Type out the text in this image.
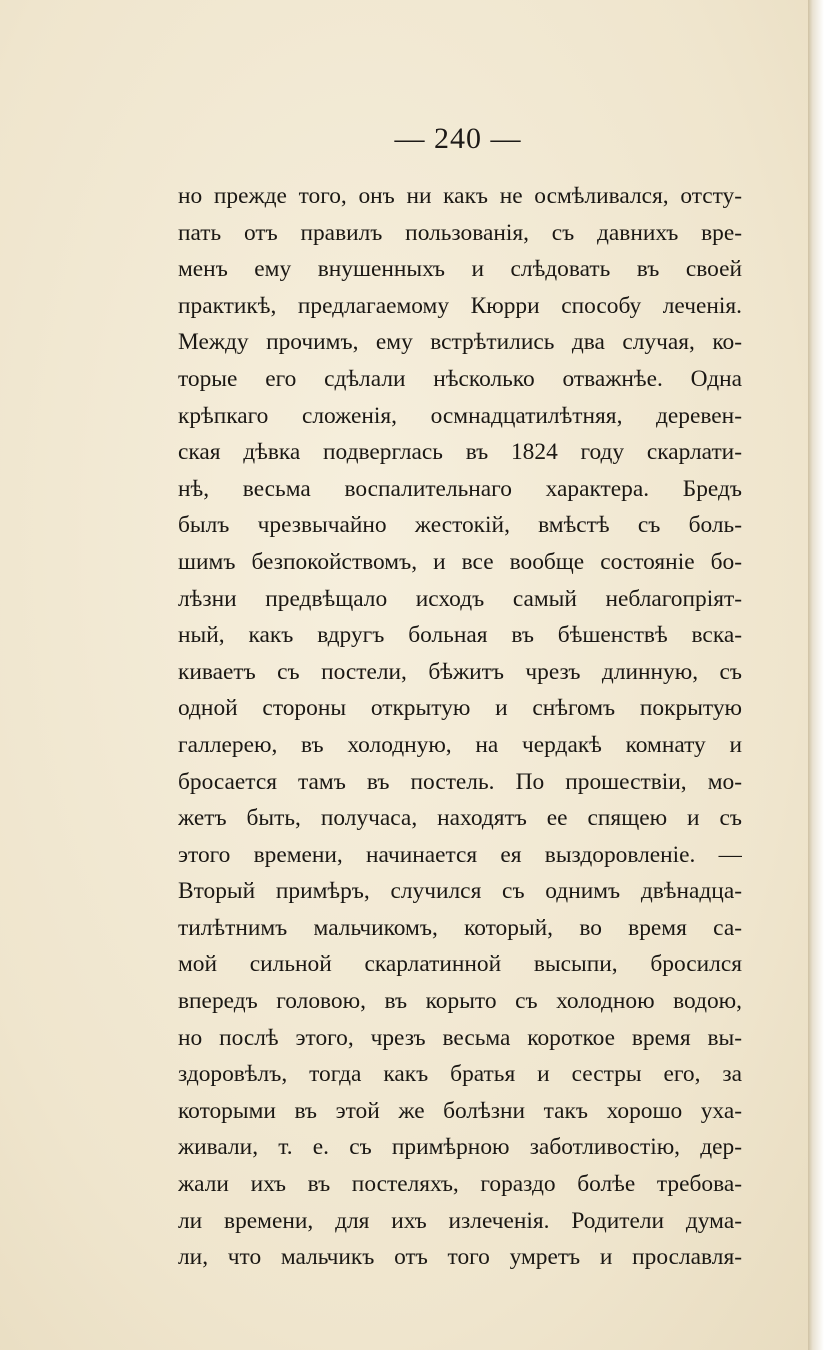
— 240 —
но прежде того, онъ ни какъ не осмѣливался, отсту-
пать отъ правилъ пользованія, съ давнихъ вре-
менъ ему внушенныхъ и слѣдовать въ своей
практикѣ, предлагаемому Кюрри способу леченія.
Между прочимъ, ему встрѣтились два случая, ко-
торые его сдѣлали нѣсколько отважнѣе. Одна
крѣпкаго сложенія, осмнадцатилѣтняя, деревен-
ская дѣвка подверглась въ 1824 году скарлати-
нѣ, весьма воспалительнаго характера. Бредъ
былъ чрезвычайно жестокій, вмѣстѣ съ боль-
шимъ безпокойствомъ, и все вообще состояніе бо-
лѣзни предвѣщало исходъ самый неблагопріят-
ный, какъ вдругъ больная въ бѣшенствѣ вска-
киваетъ съ постели, бѣжитъ чрезъ длинную, съ
одной стороны открытую и снѣгомъ покрытую
галлерею, въ холодную, на чердакѣ комнату и
бросается тамъ въ постель. По прошествіи, мо-
жетъ быть, получаса, находятъ ее спящею и съ
этого времени, начинается ея выздоровленіе. —
Вторый примѣръ, случился съ однимъ двѣнадца-
тилѣтнимъ мальчикомъ, который, во время са-
мой сильной скарлатинной высыпи, бросился
впередъ головою, въ корыто съ холодною водою,
но послѣ этого, чрезъ весьма короткое время вы-
здоровѣлъ, тогда какъ братья и сестры его, за
которыми въ этой же болѣзни такъ хорошо уха-
живали, т. е. съ примѣрною заботливостію, дер-
жали ихъ въ постеляхъ, гораздо болѣе требова-
ли времени, для ихъ излеченія. Родители дума-
ли, что мальчикъ отъ того умретъ и прославля-
